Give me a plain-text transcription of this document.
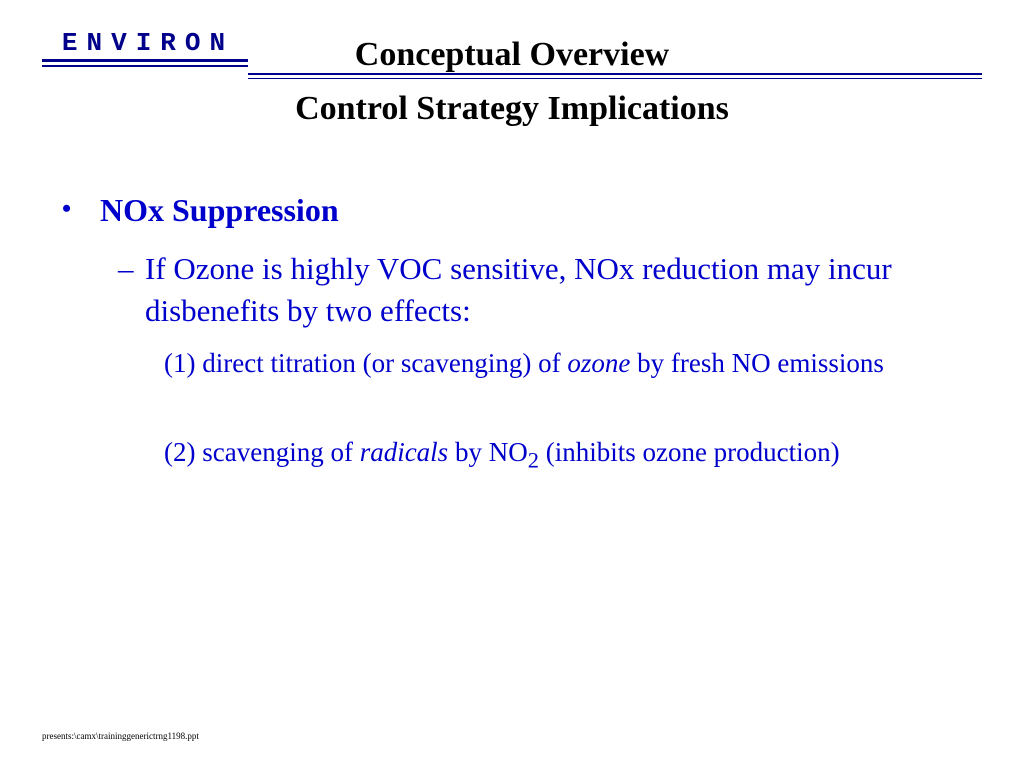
ENVIRON	Conceptual Overview
Control Strategy Implications
• NOx Suppression
– If Ozone is highly VOC sensitive, NOx reduction may incur disbenefits by two effects:
(1) direct titration (or scavenging) of ozone by fresh NO emissions
(2) scavenging of radicals by $NO_2$ (inhibits ozone production)
presents:\camx\traininggenerictrng1198.ppt
